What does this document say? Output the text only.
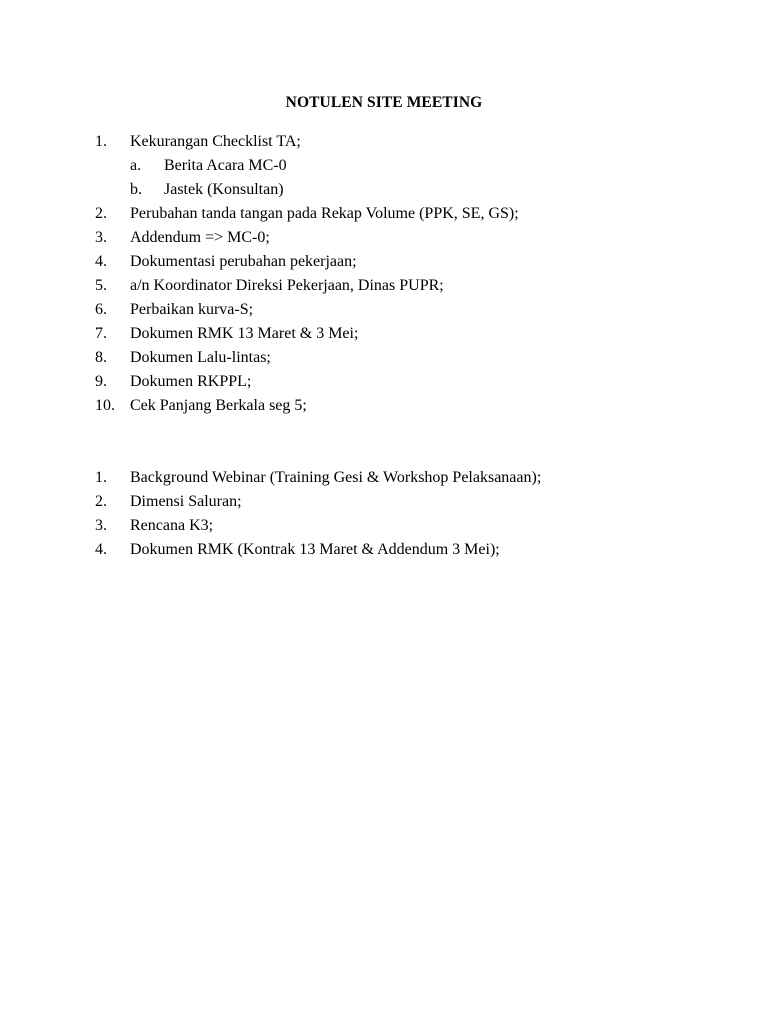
NOTULEN SITE MEETING
1.	Kekurangan Checklist TA;
a.	Berita Acara MC-0
b.	Jastek (Konsultan)
2.	Perubahan tanda tangan pada Rekap Volume (PPK, SE, GS);
3.	Addendum => MC-0;
4.	Dokumentasi perubahan pekerjaan;
5.	a/n Koordinator Direksi Pekerjaan, Dinas PUPR;
6.	Perbaikan kurva-S;
7.	Dokumen RMK 13 Maret & 3 Mei;
8.	Dokumen Lalu-lintas;
9.	Dokumen RKPPL;
10. Cek Panjang Berkala seg 5;
1.	Background Webinar (Training Gesi & Workshop Pelaksanaan);
2.	Dimensi Saluran;
3.	Rencana K3;
4.	Dokumen RMK (Kontrak 13 Maret & Addendum 3 Mei);
